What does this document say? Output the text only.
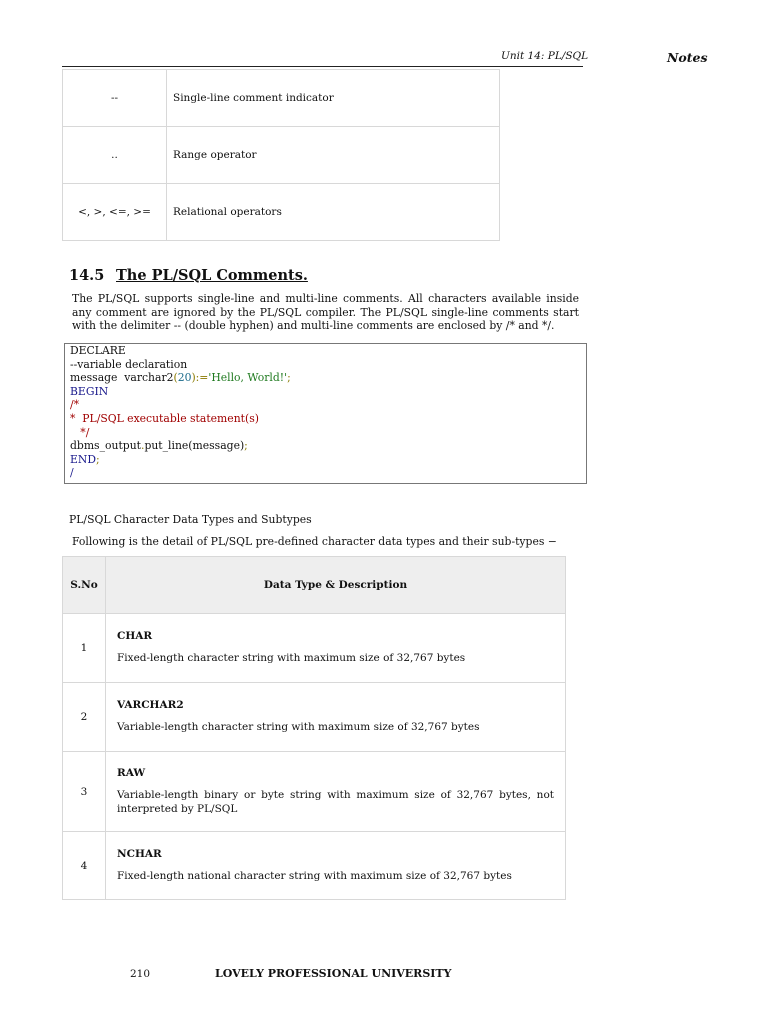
Unit 14: PL/SQL	Notes
--	Single-line comment indicator
..	Range operator
<, >, <=, >=	Relational operators
14.5 The PL/SQL Comments.
The PL/SQL supports single-line and multi-line comments. All characters available inside any comment are ignored by the PL/SQL compiler. The PL/SQL single-line comments start with the delimiter -- (double hyphen) and multi-line comments are enclosed by /* and */.
DECLARE
--variable declaration
message  varchar2(20):='Hello, World!';
BEGIN
/*
*  PL/SQL executable statement(s)
*/
dbms_output.put_line(message);
END;
/
PL/SQL Character Data Types and Subtypes
Following is the detail of PL/SQL pre-defined character data types and their sub-types −
S.No	Data Type & Description
1	CHAR
Fixed-length character string with maximum size of 32,767 bytes

2	VARCHAR2
Variable-length character string with maximum size of 32,767 bytes

3	RAW
Variable-length binary or byte string with maximum size of 32,767 bytes, not interpreted by PL/SQL

4	NCHAR
Fixed-length national character string with maximum size of 32,767 bytes
210	LOVELY PROFESSIONAL UNIVERSITY
